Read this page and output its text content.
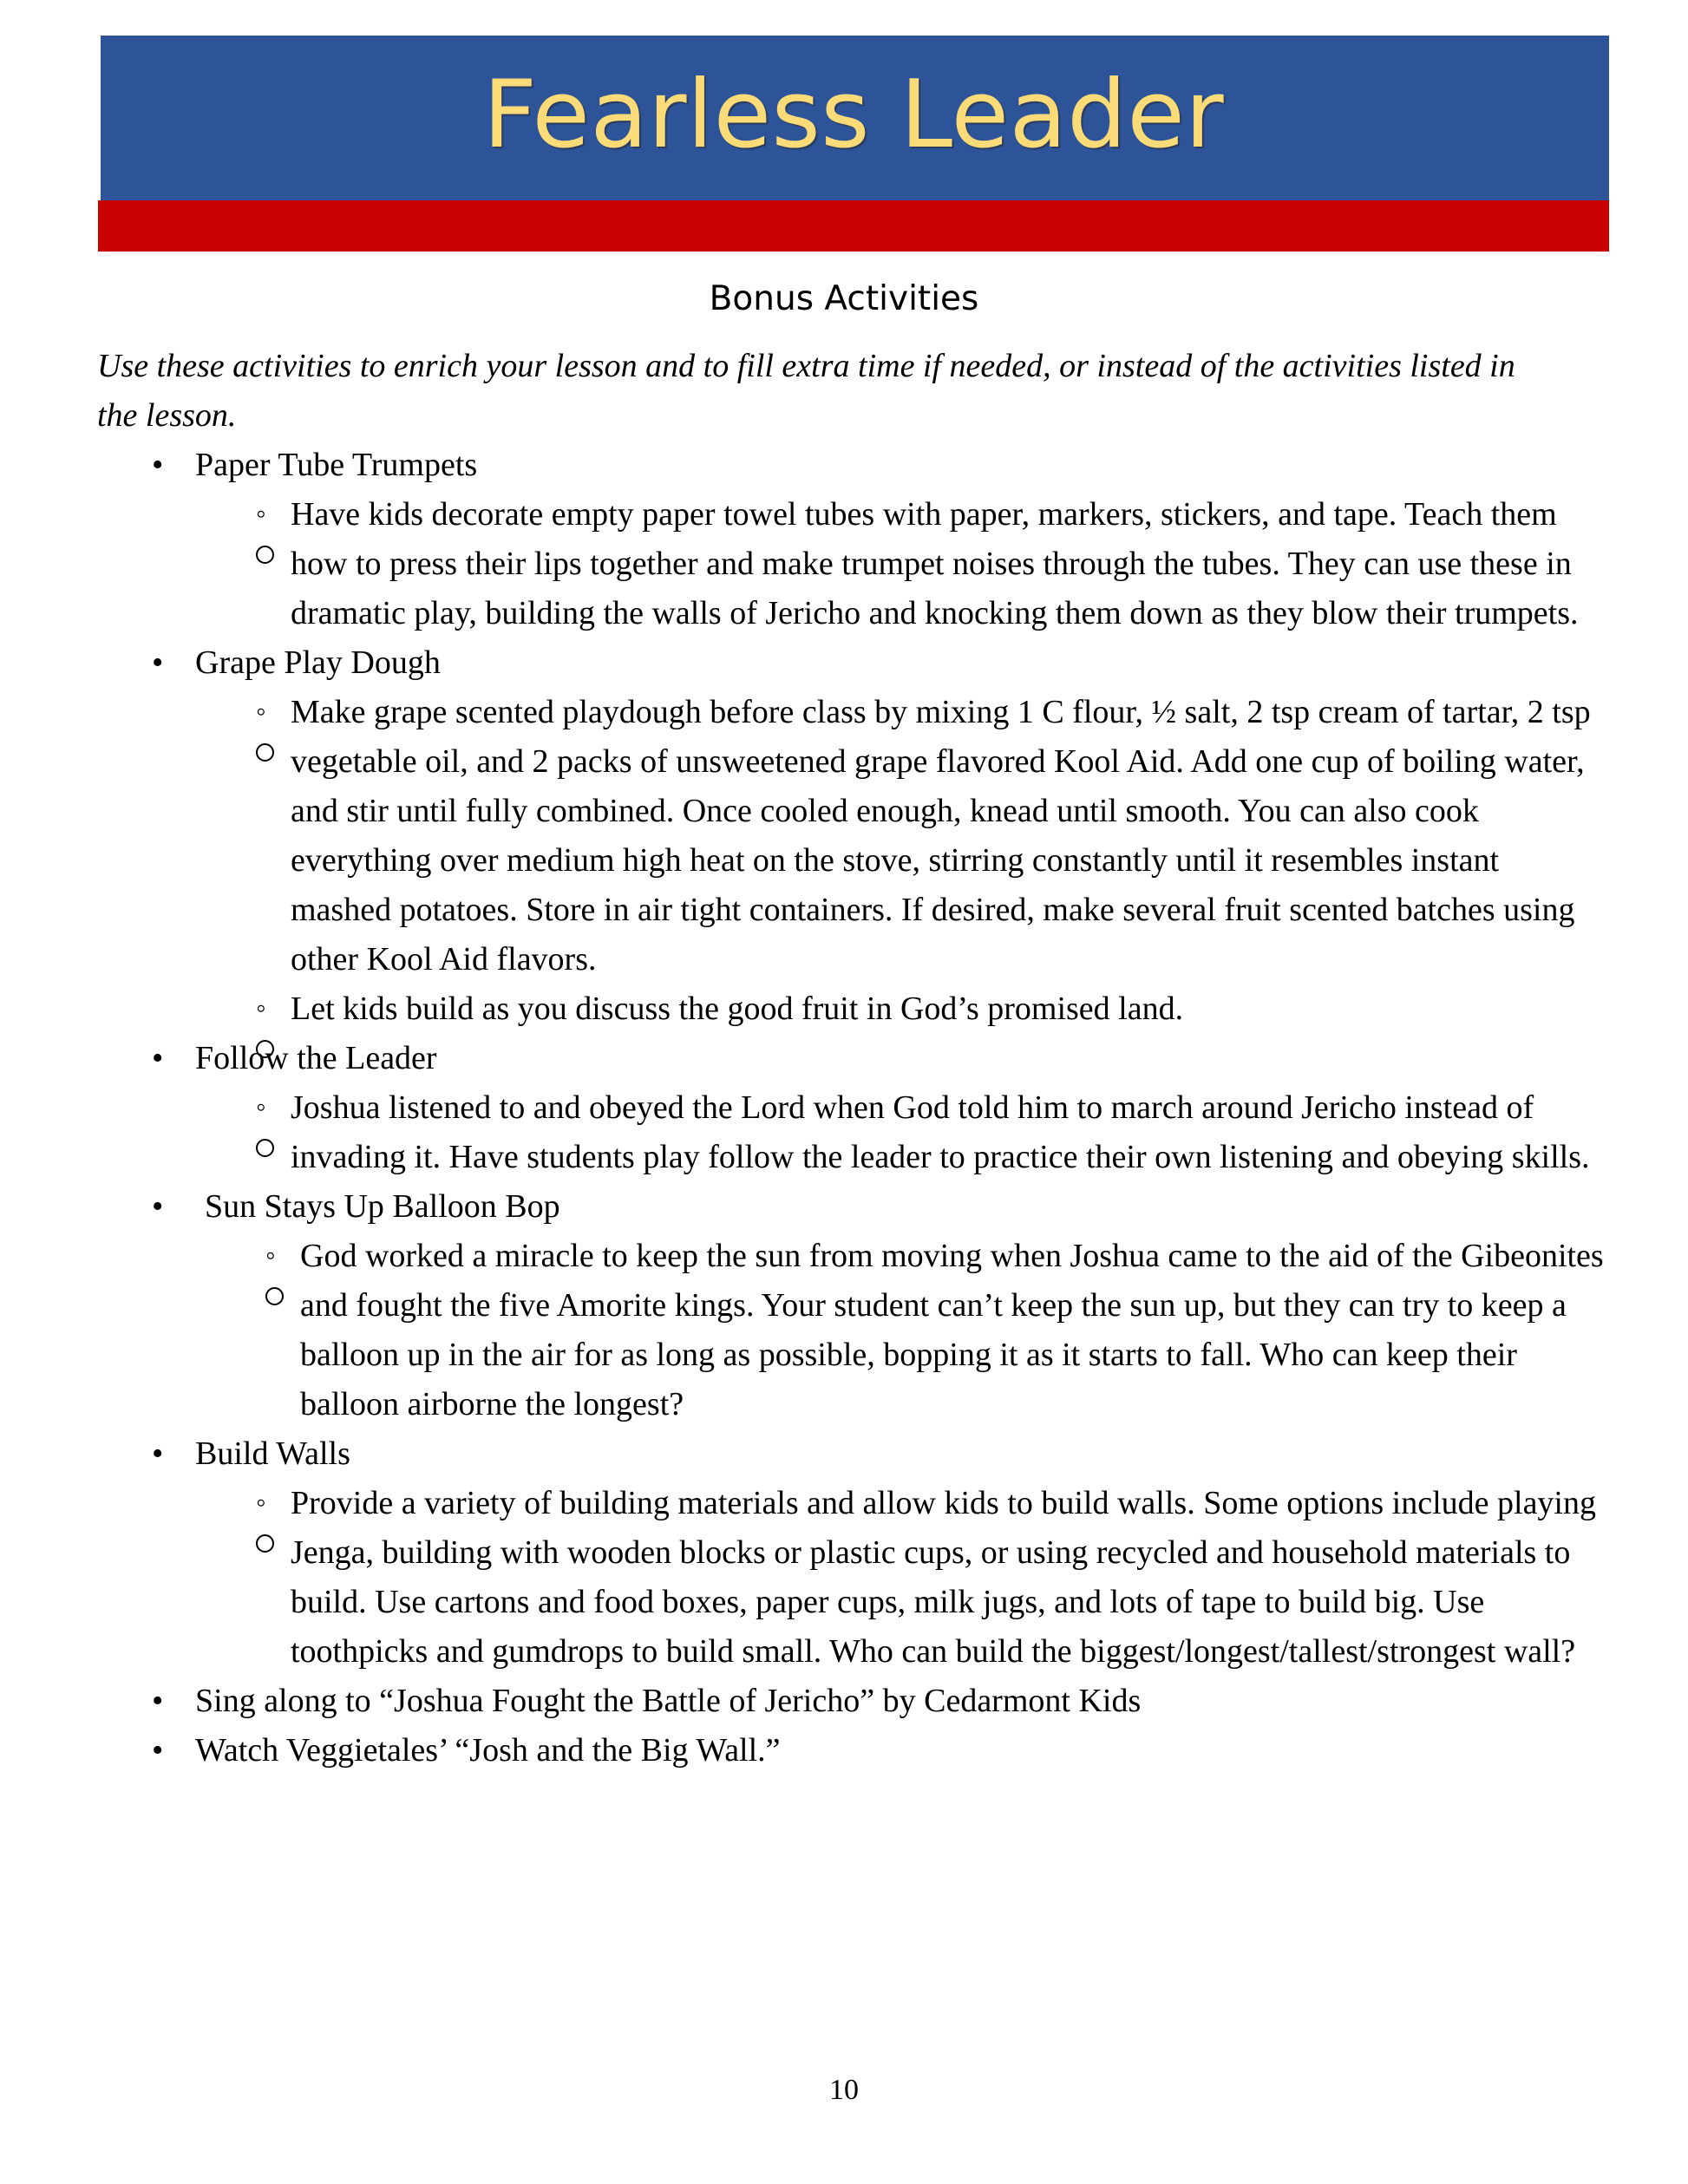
Fearless Leader
Bonus Activities
Use these activities to enrich your lesson and to fill extra time if needed, or instead of the activities listed in the lesson.
•
Paper Tube Trumpets
◦
Have kids decorate empty paper towel tubes with paper, markers, stickers, and tape. Teach them how to press their lips together and make trumpet noises through the tubes. They can use these in dramatic play, building the walls of Jericho and knocking them down as they blow their trumpets.
•
Grape Play Dough
◦
Make grape scented playdough before class by mixing 1 C flour, ½ salt, 2 tsp cream of tartar, 2 tsp vegetable oil, and 2 packs of unsweetened grape flavored Kool Aid. Add one cup of boiling water, and stir until fully combined. Once cooled enough, knead until smooth. You can also cook everything over medium high heat on the stove, stirring constantly until it resembles instant mashed potatoes. Store in air tight containers. If desired, make several fruit scented batches using other Kool Aid flavors.
◦
Let kids build as you discuss the good fruit in God’s promised land.
•
Follow the Leader
◦
Joshua listened to and obeyed the Lord when God told him to march around Jericho instead of invading it. Have students play follow the leader to practice their own listening and obeying skills.
•
Sun Stays Up Balloon Bop
◦
God worked a miracle to keep the sun from moving when Joshua came to the aid of the Gibeonites and fought the five Amorite kings. Your student can’t keep the sun up, but they can try to keep a balloon up in the air for as long as possible, bopping it as it starts to fall. Who can keep their balloon airborne the longest?
•
Build Walls
◦
Provide a variety of building materials and allow kids to build walls. Some options include playing Jenga, building with wooden blocks or plastic cups, or using recycled and household materials to build. Use cartons and food boxes, paper cups, milk jugs, and lots of tape to build big. Use toothpicks and gumdrops to build small. Who can build the biggest/longest/tallest/strongest wall?
•
Sing along to “Joshua Fought the Battle of Jericho” by Cedarmont Kids
•
Watch Veggietales’ “Josh and the Big Wall.”
10
